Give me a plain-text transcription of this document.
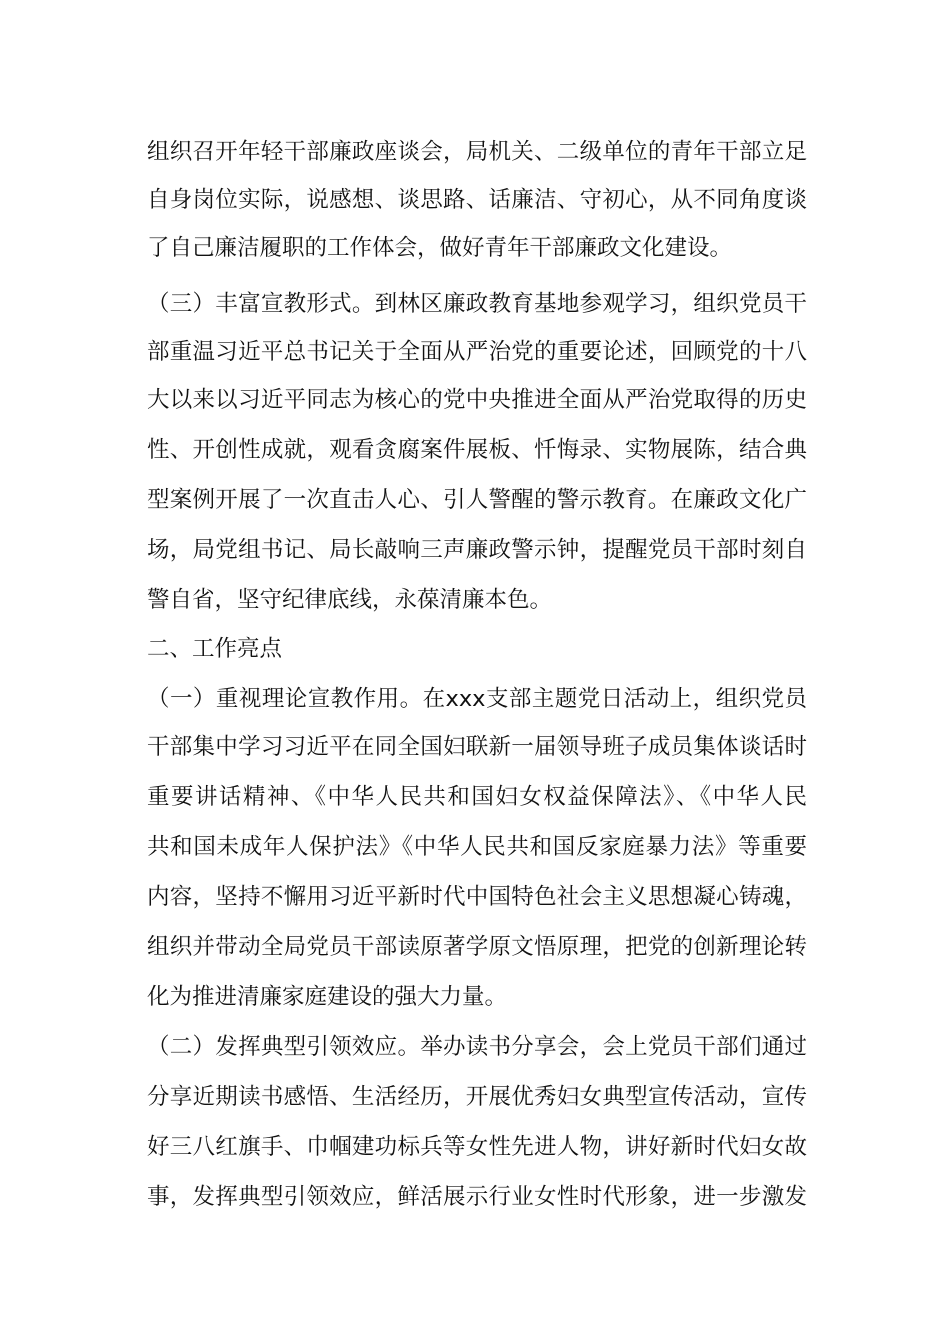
组织召开年轻干部廉政座谈会，局机关、二级单位的青年干部立足
自身岗位实际，说感想、谈思路、话廉洁、守初心，从不同角度谈
了自己廉洁履职的工作体会，做好青年干部廉政文化建设。
（三）丰富宣教形式。到林区廉政教育基地参观学习，组织党员干
部重温习近平总书记关于全面从严治党的重要论述，回顾党的十八
大以来以习近平同志为核心的党中央推进全面从严治党取得的历史
性、开创性成就，观看贪腐案件展板、忏悔录、实物展陈，结合典
型案例开展了一次直击人心、引人警醒的警示教育。在廉政文化广
场，局党组书记、局长敲响三声廉政警示钟，提醒党员干部时刻自
警自省，坚守纪律底线，永葆清廉本色。
二、工作亮点
（一）重视理论宣教作用。在xxx支部主题党日活动上，组织党员
干部集中学习习近平在同全国妇联新一届领导班子成员集体谈话时
重要讲话精神、《中华人民共和国妇女权益保障法》、《中华人民
共和国未成年人保护法》《中华人民共和国反家庭暴力法》等重要
内容，坚持不懈用习近平新时代中国特色社会主义思想凝心铸魂，
组织并带动全局党员干部读原著学原文悟原理，把党的创新理论转
化为推进清廉家庭建设的强大力量。
（二）发挥典型引领效应。举办读书分享会，会上党员干部们通过
分享近期读书感悟、生活经历，开展优秀妇女典型宣传活动，宣传
好三八红旗手、巾帼建功标兵等女性先进人物，讲好新时代妇女故
事，发挥典型引领效应，鲜活展示行业女性时代形象，进一步激发
